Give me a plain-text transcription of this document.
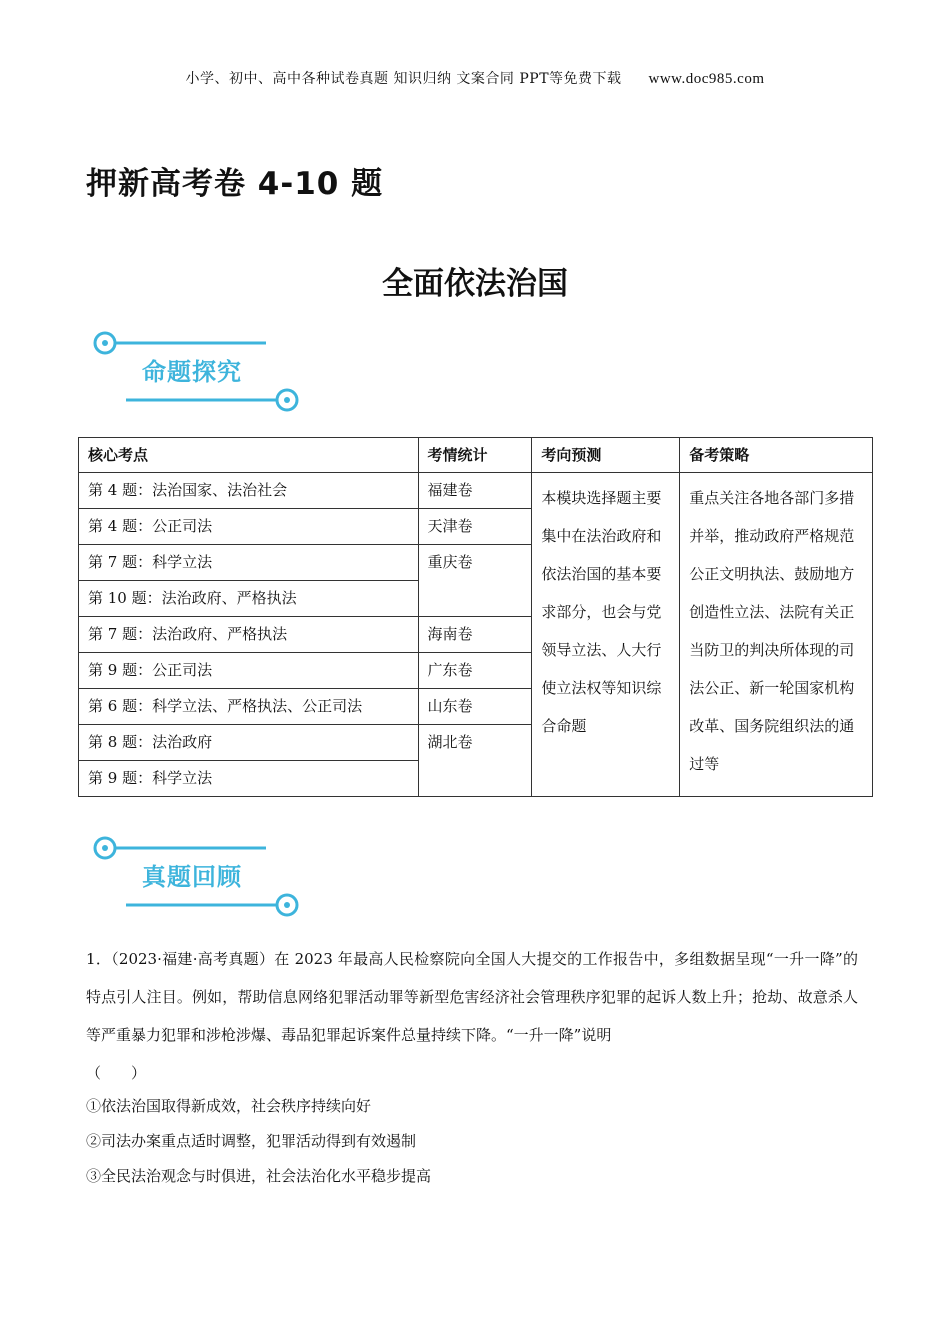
小学、初中、高中各种试卷真题 知识归纳 文案合同 PPT等免费下载 www.doc985.com
押新高考卷 4-10 题
全面依法治国
命题探究
核心考点	考情统计	考向预测	备考策略
第 4 题：法治国家、法治社会	福建卷	本模块选择题主要集中在法治政府和依法治国的基本要求部分，也会与党领导立法、人大行使立法权等知识综合命题	重点关注各地各部门多措并举，推动政府严格规范公正文明执法、鼓励地方创造性立法、法院有关正当防卫的判决所体现的司法公正、新一轮国家机构改革、国务院组织法的通过等
第 4 题：公正司法	天津卷		
第 7 题：科学立法	重庆卷		
第 10 题：法治政府、严格执法			
第 7 题：法治政府、严格执法	海南卷		
第 9 题：公正司法	广东卷		
第 6 题：科学立法、严格执法、公正司法	山东卷		
第 8 题：法治政府	湖北卷		
第 9 题：科学立法			
真题回顾

1．（2023·福建·高考真题）在 2023 年最高人民检察院向全国人大提交的工作报告中，多组数据呈现“一升一降”的特点引人注目。例如，帮助信息网络犯罪活动罪等新型危害经济社会管理秩序犯罪的起诉人数上升；抢劫、故意杀人等严重暴力犯罪和涉枪涉爆、毒品犯罪起诉案件总量持续下降。“一升一降”说明

（　　）

①依法治国取得新成效，社会秩序持续向好
②司法办案重点适时调整，犯罪活动得到有效遏制
③全民法治观念与时俱进，社会法治化水平稳步提高
